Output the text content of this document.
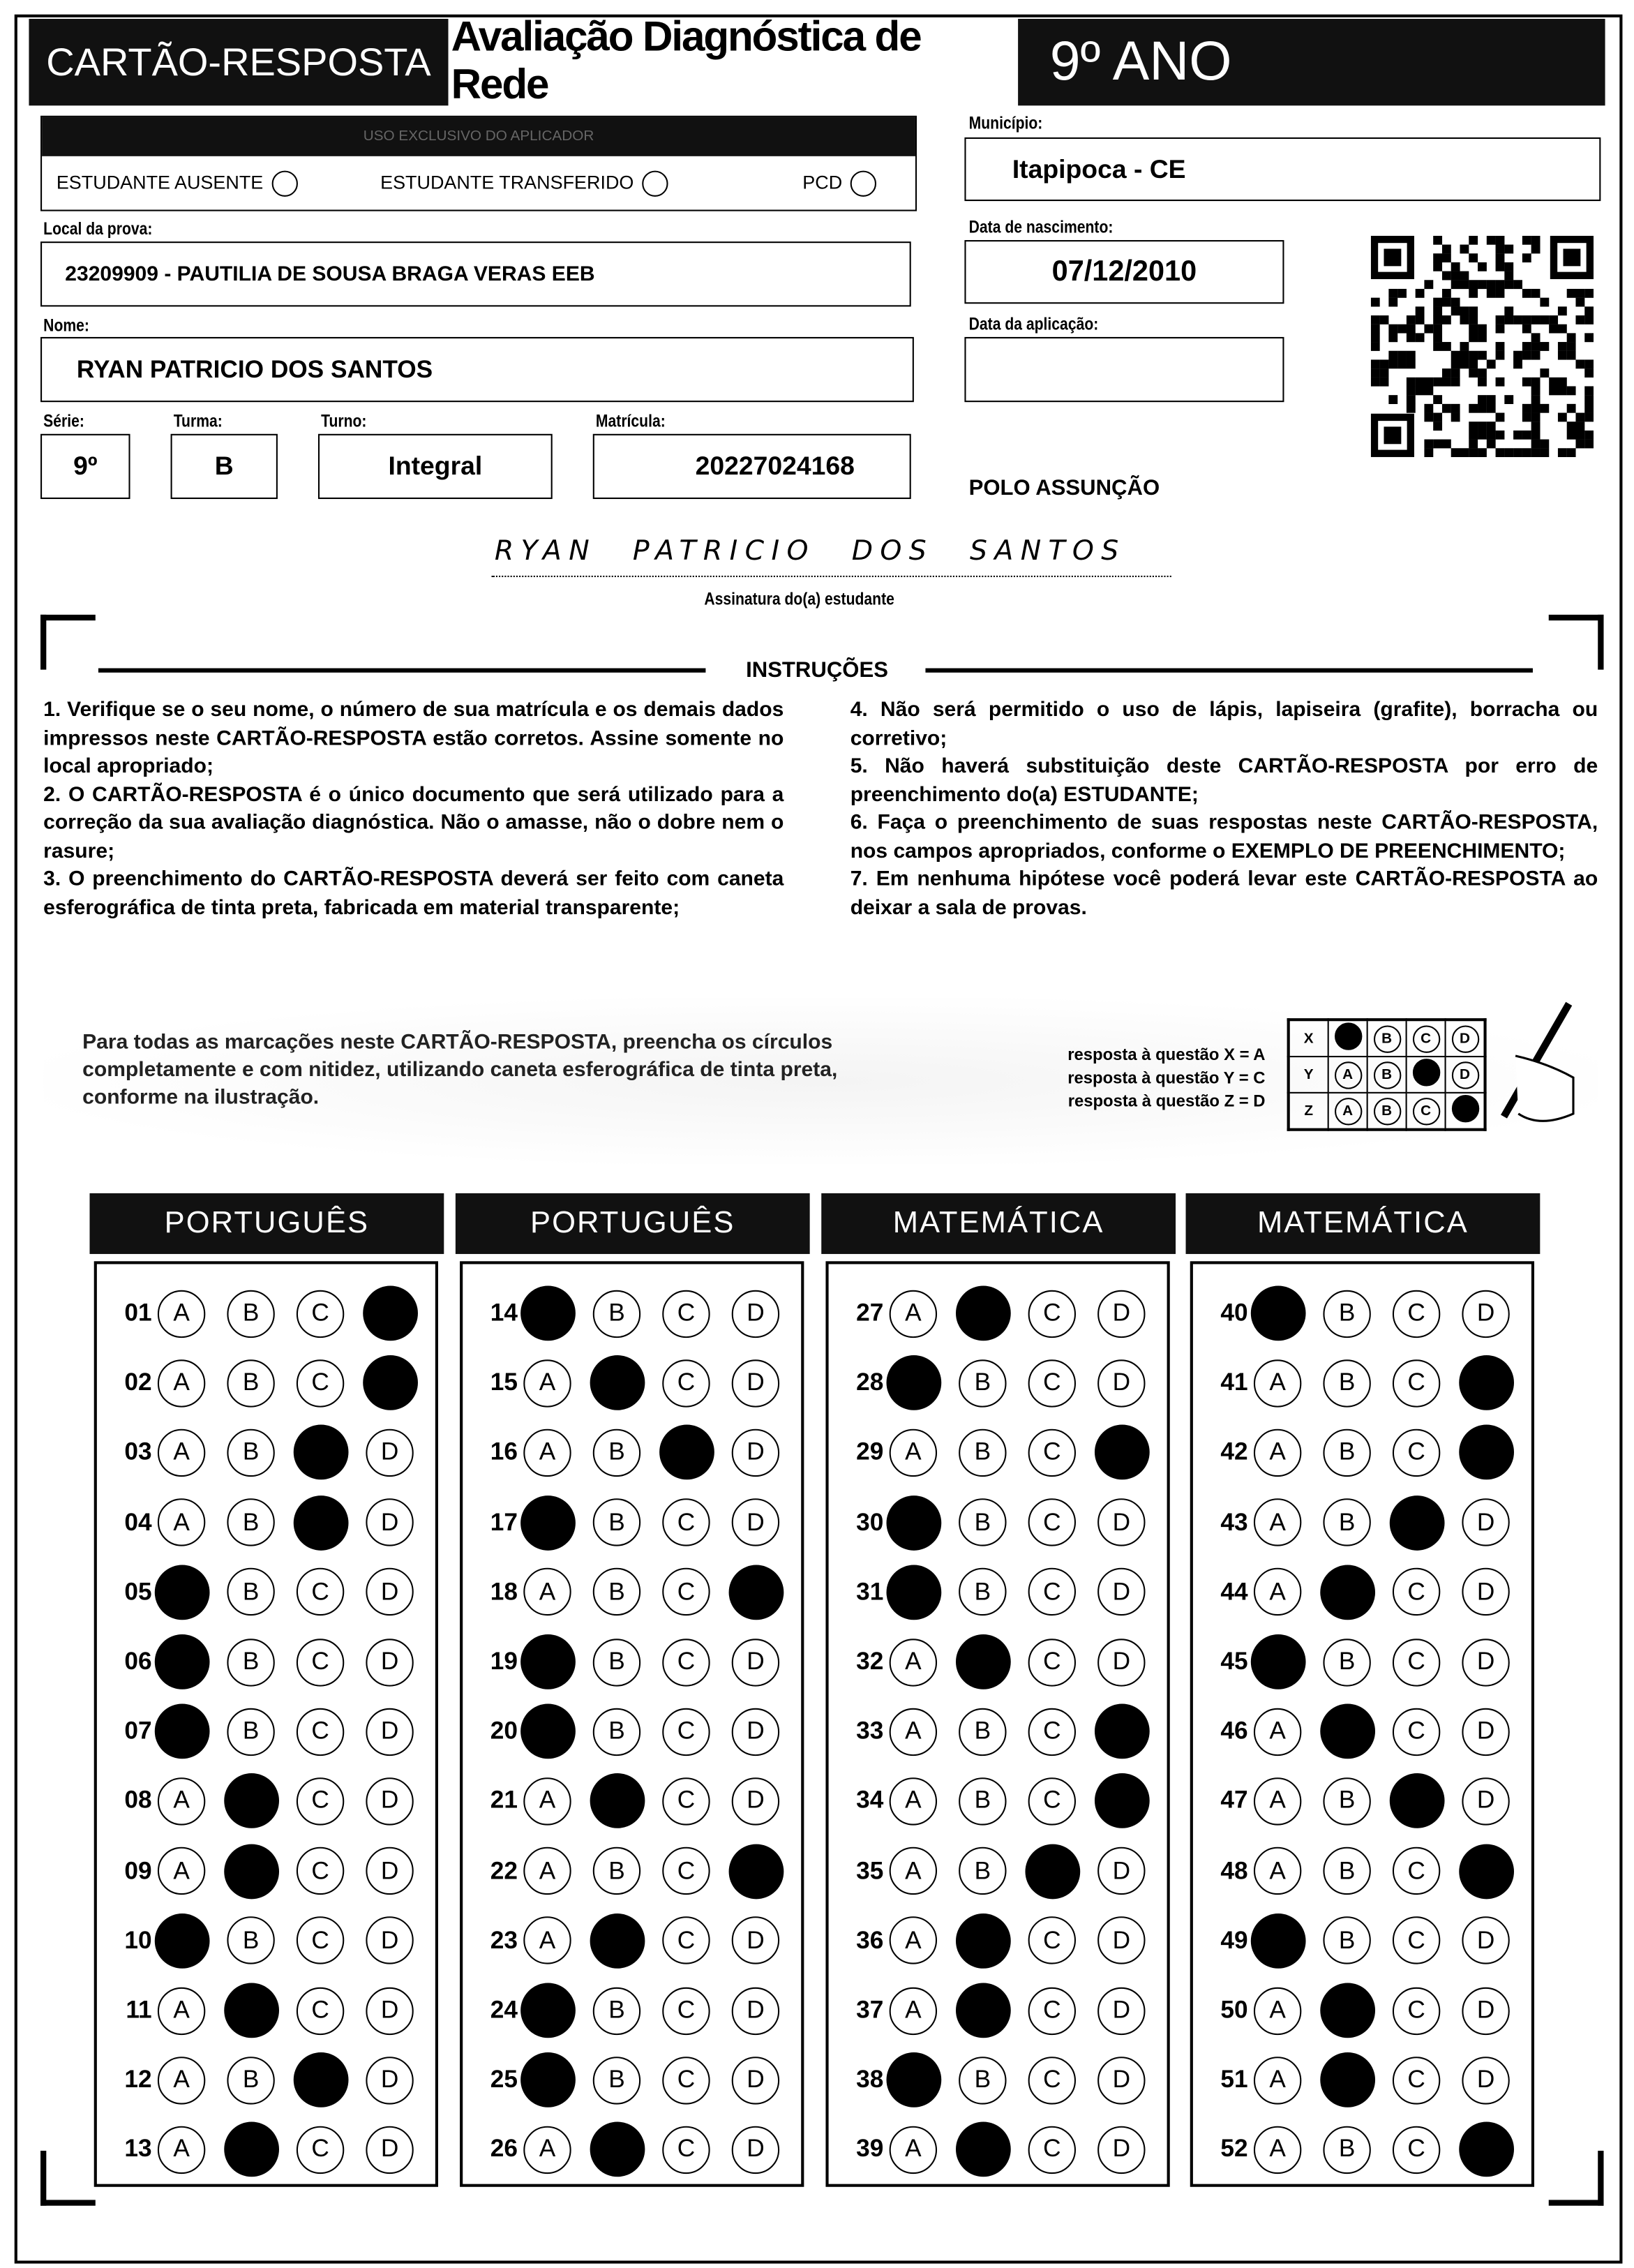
CARTÃO-RESPOSTA
Avaliação Diagnóstica de Rede	9º ANO
USO EXCLUSIVO DO APLICADOR
ESTUDANTE AUSENTE	ESTUDANTE TRANSFERIDO	PCD
Município:
Itapipoca - CE
Local da prova:
23209909 - PAUTILIA DE SOUSA BRAGA VERAS EEB
Data de nascimento:
07/12/2010
Nome:
RYAN PATRICIO DOS SANTOS
Data da aplicação:
Série:
9º
Turma:
B
Turno:
Integral
Matrícula:
20227024168
POLO ASSUNÇÃO
RYAN PATRICIO DOS SANTOS
Assinatura do(a) estudante
INSTRUÇÕES

1. Verifique se o seu nome, o número de sua matrícula e os demais dados impressos neste CARTÃO-RESPOSTA estão corretos. Assine somente no local apropriado;

2. O CARTÃO-RESPOSTA é o único documento que será utilizado para a correção da sua avaliação diagnóstica. Não o amasse, não o dobre nem o rasure;

3. O preenchimento do CARTÃO-RESPOSTA deverá ser feito com caneta esferográfica de tinta preta, fabricada em material transparente;

4. Não será permitido o uso de lápis, lapiseira (grafite), borracha ou corretivo;

5. Não haverá substituição deste CARTÃO-RESPOSTA por erro de preenchimento do(a) ESTUDANTE;

6. Faça o preenchimento de suas respostas neste CARTÃO-RESPOSTA, nos campos apropriados, conforme o EXEMPLO DE PREENCHIMENTO;

7. Em nenhuma hipótese você poderá levar este CARTÃO-RESPOSTA ao deixar a sala de provas.

Para todas as marcações neste CARTÃO-RESPOSTA, preencha os círculos completamente e com nitidez, utilizando caneta esferográfica de tinta preta, conforme na ilustração.
resposta à questão X = A
resposta à questão Y = C
resposta à questão Z = D
X		B	C	D
Y	A	B		D
Z	A	B	C	
PORTUGUÊS
01	A	B	C
02	A	B	C
03	A	B	D
04	A	B	D
05	B	C	D
06	B	C	D
07	B	C	D
08	A	C	D
09	A	C	D
10	B	C	D
11	A	C	D
12	A	B	D
13	A	C	D
PORTUGUÊS
14	B	C	D
15	A	C	D
16	A	B	D
17	B	C	D
18	A	B	C
19	B	C	D
20	B	C	D
21	A	C	D
22	A	B	C
23	A	C	D
24	B	C	D
25	B	C	D
26	A	C	D
MATEMÁTICA
27	A	C	D
28	B	C	D
29	A	B	C
30	B	C	D
31	B	C	D
32	A	C	D
33	A	B	C
34	A	B	C
35	A	B	D
36	A	C	D
37	A	C	D
38	B	C	D
39	A	C	D
MATEMÁTICA
40	B	C	D
41	A	B	C
42	A	B	C
43	A	B	D
44	A	C	D
45	B	C	D
46	A	C	D
47	A	B	D
48	A	B	C
49	B	C	D
50	A	C	D
51	A	C	D
52	A	B	C
